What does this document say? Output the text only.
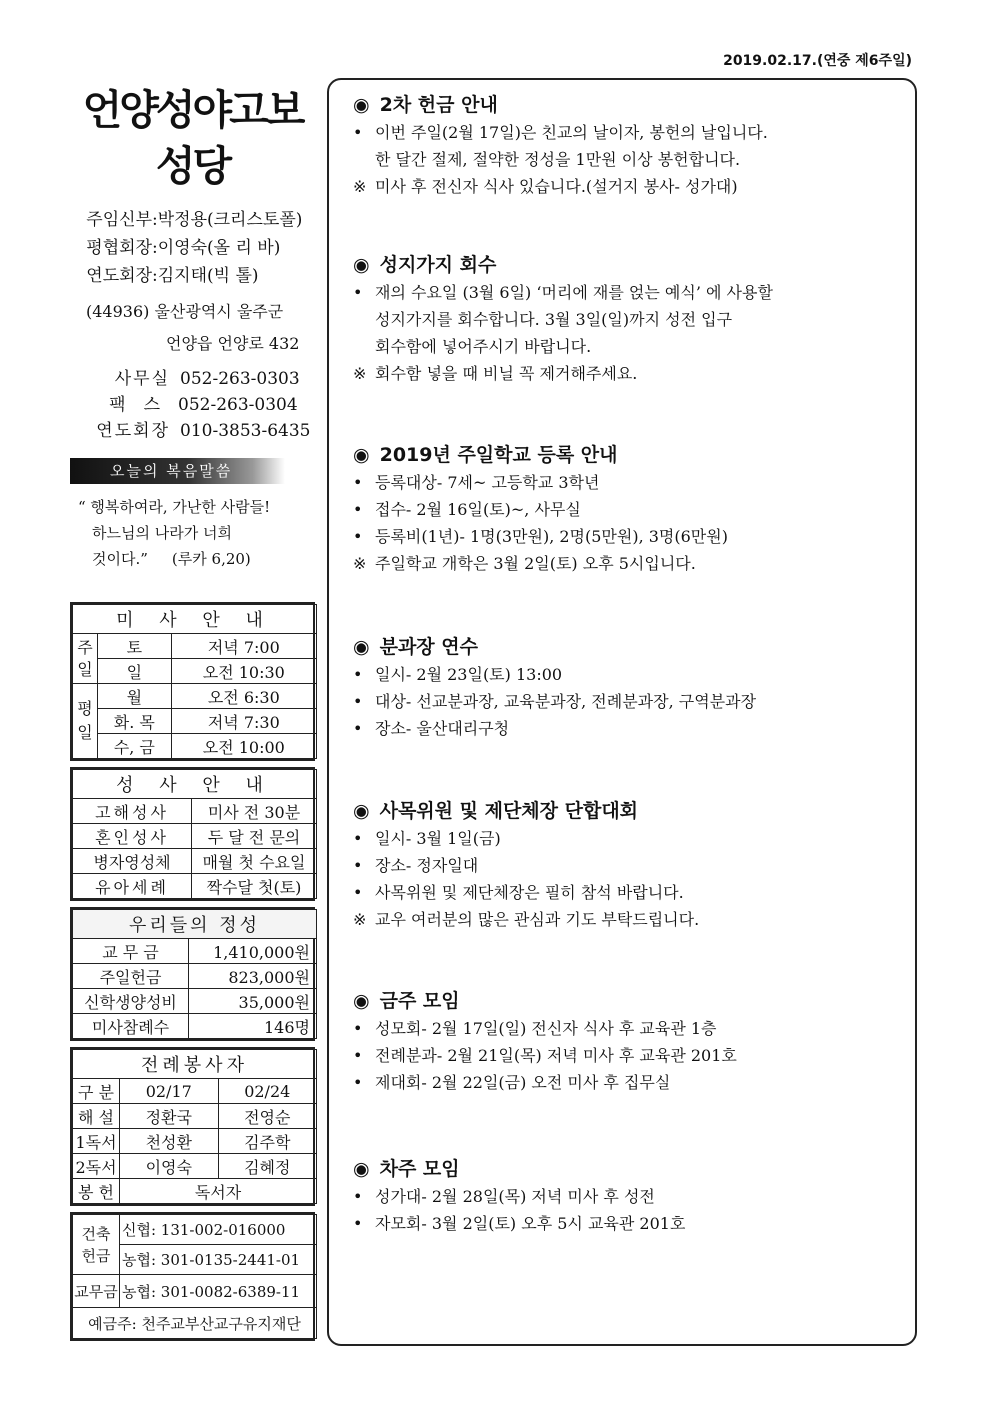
2019.02.17.(연중 제6주일)
언양성야고보
성당
주임신부:박정용(크리스토폴)
평협회장:이영숙(올 리 바)
연도회장:김지태(빅 톨)
(44936) 울산광역시 울주군
언양읍 언양로 432
사무실 052-263-0303
팩스052-263-0304
연도회장 010-3853-6435
오늘의 복음말씀
“ 행복하여라, 가난한 사람들!
하느님의 나라가 너희
것이다.” (루카 6,20)
미 사 안 내		
주일	토	저녁 7:00
	일	오전 10:30
평일	월	오전 6:30
	화. 목	저녁 7:30
	수, 금	오전 10:00
성 사 안 내	
고해성사	미사 전 30분
혼인성사	두 달 전 문의
병자영성체	매월 첫 수요일
유아세례	짝수달 첫(토)
우리들의 정성	
교 무 금	1,410,000원
주일헌금	823,000원
신학생양성비	35,000원
미사참례수	146명
전례봉사자		
구 분	02/17	02/24
해 설	정환국	전영순
1독서	천성환	김주학
2독서	이영숙	김혜정
봉 헌	독서자	
건축
헌금	신협: 131-002-016000
	농협: 301-0135-2441-01
교무금	농협: 301-0082-6389-11
예금주: 천주교부산교구유지재단	
◉ 2차 헌금 안내
• 이번 주일(2월 17일)은 친교의 날이자, 봉헌의 날입니다.
한 달간 절제, 절약한 정성을 1만원 이상 봉헌합니다.
※ 미사 후 전신자 식사 있습니다.(설거지 봉사- 성가대)
◉ 성지가지 회수
• 재의 수요일 (3월 6일) ‘머리에 재를 얹는 예식’ 에 사용할
성지가지를 회수합니다. 3월 3일(일)까지 성전 입구
회수함에 넣어주시기 바랍니다.
※ 회수함 넣을 때 비닐 꼭 제거해주세요.
◉ 2019년 주일학교 등록 안내
• 등록대상- 7세~ 고등학교 3학년
• 접수- 2월 16일(토)~, 사무실
• 등록비(1년)- 1명(3만원), 2명(5만원), 3명(6만원)
※ 주일학교 개학은 3월 2일(토) 오후 5시입니다.
◉ 분과장 연수
• 일시- 2월 23일(토) 13:00
• 대상- 선교분과장, 교육분과장, 전례분과장, 구역분과장
• 장소- 울산대리구청
◉ 사목위원 및 제단체장 단합대회
• 일시- 3월 1일(금)
• 장소- 정자일대
• 사목위원 및 제단체장은 필히 참석 바랍니다.
※ 교우 여러분의 많은 관심과 기도 부탁드립니다.
◉ 금주 모임
• 성모회- 2월 17일(일) 전신자 식사 후 교육관 1층
• 전례분과- 2월 21일(목) 저녁 미사 후 교육관 201호
• 제대회- 2월 22일(금) 오전 미사 후 집무실
◉ 차주 모임
• 성가대- 2월 28일(목) 저녁 미사 후 성전
• 자모회- 3월 2일(토) 오후 5시 교육관 201호
